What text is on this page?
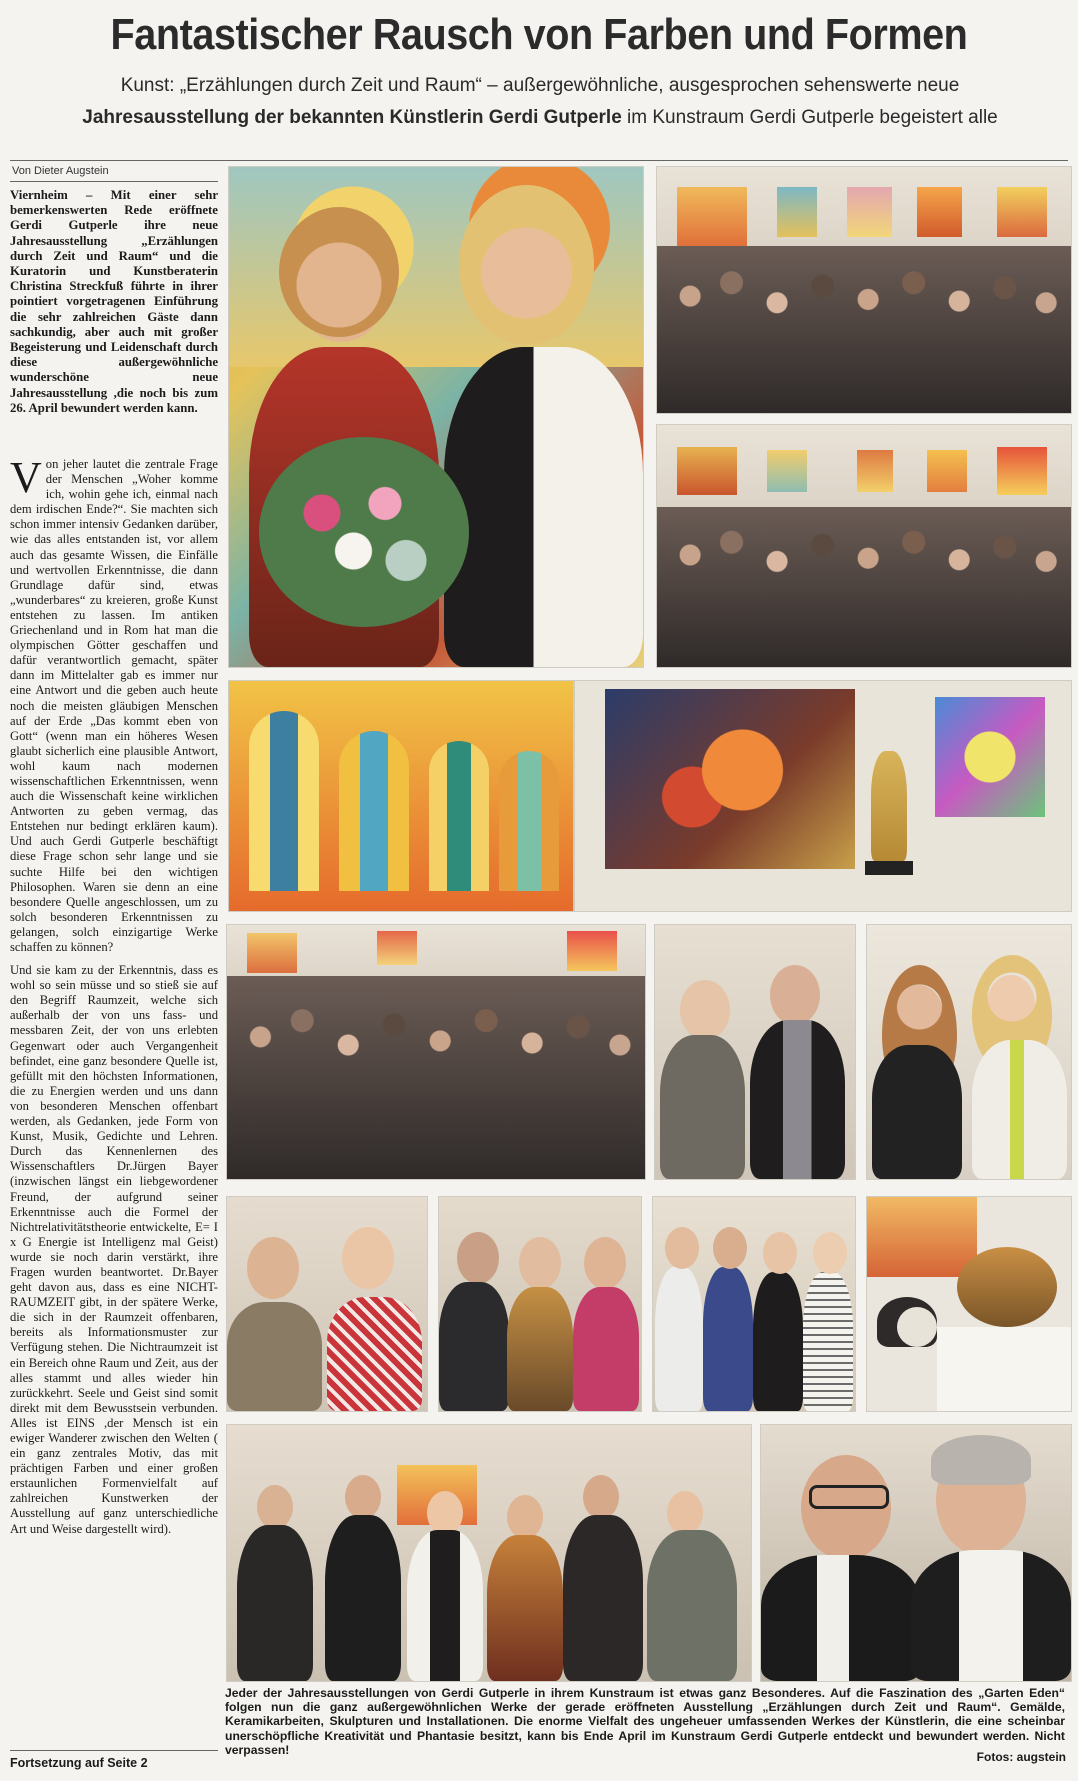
Fantastischer Rausch von Farben und Formen
Kunst: „Erzählungen durch Zeit und Raum“ – außergewöhnliche, ausgesprochen sehenswerte neue
Jahresausstellung der bekannten Künstlerin Gerdi Gutperle im Kunstraum Gerdi Gutperle begeistert alle
Von Dieter Augstein

Viernheim – Mit einer sehr bemerkenswerten Rede eröffnete Gerdi Gutperle ihre neue Jahresausstellung „Erzählungen durch Zeit und Raum“ und die Kuratorin und Kunstberaterin Christina Streckfuß führte in ihrer pointiert vorgetragenen Einführung die sehr zahlreichen Gäste dann sachkundig, aber auch mit großer Begeisterung und Leidenschaft durch diese außergewöhnliche wunderschöne neue Jahresausstellung ,die noch bis zum 26. April bewundert werden kann.

Von jeher lautet die zentrale Frage der Menschen „Woher komme ich, wohin gehe ich, einmal nach dem irdischen Ende?“. Sie machten sich schon immer intensiv Gedanken darüber, wie das alles entstanden ist, vor allem auch das gesamte Wissen, die Einfälle und wertvollen Erkenntnisse, die dann Grundlage dafür sind, etwas „wunderbares“ zu kreieren, große Kunst entstehen zu lassen. Im antiken Griechenland und in Rom hat man die olympischen Götter geschaffen und dafür verantwortlich gemacht, später dann im Mittelalter gab es immer nur eine Antwort und die geben auch heute noch die meisten gläubigen Menschen auf der Erde „Das kommt eben von Gott“ (wenn man ein höheres Wesen glaubt sicherlich eine plausible Antwort, wohl kaum nach modernen wissenschaftlichen Erkenntnissen, wenn auch die Wissenschaft keine wirklichen Antworten zu geben vermag, das Entstehen nur bedingt erklären kaum). Und auch Gerdi Gutperle beschäftigt diese Frage schon sehr lange und sie suchte Hilfe bei den wichtigen Philosophen. Waren sie denn an eine besondere Quelle angeschlossen, um zu solch besonderen Erkenntnissen zu gelangen, solch einzigartige Werke schaffen zu können?

Und sie kam zu der Erkenntnis, dass es wohl so sein müsse und so stieß sie auf den Begriff Raumzeit, welche sich außerhalb der von uns fass- und messbaren Zeit, der von uns erlebten Gegenwart oder auch Vergangenheit befindet, eine ganz besondere Quelle ist, gefüllt mit den höchsten Informationen, die zu Energien werden und uns dann von besonderen Menschen offenbart werden, als Gedanken, jede Form von Kunst, Musik, Gedichte und Lehren. Durch das Kennenlernen des Wissenschaftlers Dr.Jürgen Bayer (inzwischen längst ein liebgewordener Freund, der aufgrund seiner Erkenntnisse auch die Formel der Nichtrelativitätstheorie entwickelte, E= I x G Energie ist Intelligenz mal Geist) wurde sie noch darin verstärkt, ihre Fragen wurden beantwortet. Dr.Bayer geht davon aus, dass es eine NICHT-RAUMZEIT gibt, in der spätere Werke, die sich in der Raumzeit offenbaren, bereits als Informationsmuster zur Verfügung stehen. Die Nichtraumzeit ist ein Bereich ohne Raum und Zeit, aus der alles stammt und alles wieder hin zurückkehrt. Seele und Geist sind somit direkt mit dem Bewusstsein verbunden. Alles ist EINS ,der Mensch ist ein ewiger Wanderer zwischen den Welten ( ein ganz zentrales Motiv, das mit prächtigen Farben und einer großen erstaunlichen Formenvielfalt auf zahlreichen Kunstwerken der Ausstellung auf ganz unterschiedliche Art und Weise dargestellt wird).

Fortsetzung auf Seite 2
Jeder der Jahresausstellungen von Gerdi Gutperle in ihrem Kunstraum ist etwas ganz Besonderes. Auf die Faszination des „Garten Eden“ folgen nun die ganz außergewöhnlichen Werke der gerade eröffneten Ausstellung „Erzählungen durch Zeit und Raum“. Gemälde, Keramikarbeiten, Skulpturen und Installationen. Die enorme Vielfalt des ungeheuer umfassenden Werkes der Künstlerin, die eine scheinbar unerschöpfliche Kreativität und Phantasie besitzt, kann bis Ende April im Kunstraum Gerdi Gutperle entdeckt und bewundert werden. Nicht verpassen!
Fotos: augstein
